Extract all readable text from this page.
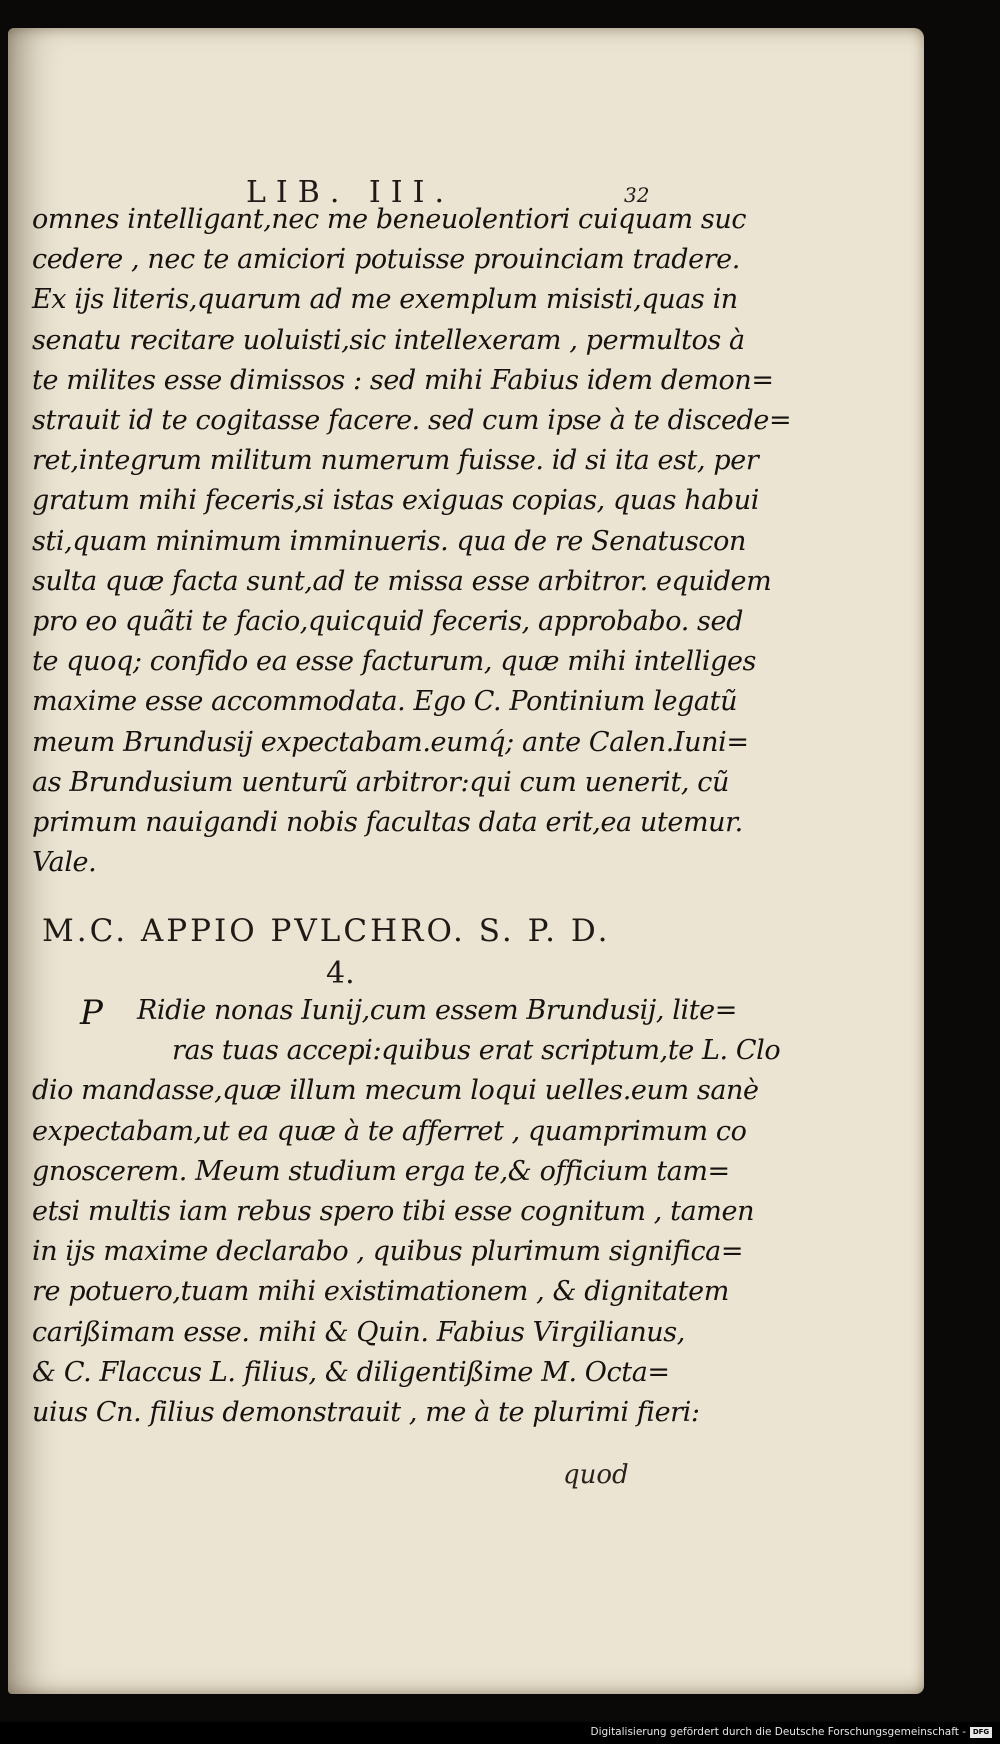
LIB. III.	32
omnes intelligant,nec me beneuolentiori cuiquam suc
cedere , nec te amiciori potuisse prouinciam tradere.
Ex ijs literis,quarum ad me exemplum misisti,quas in
senatu recitare uoluisti,sic intellexeram , permultos à
te milites esse dimissos : sed mihi Fabius idem demon=
strauit id te cogitasse facere. sed cum ipse à te discede=
ret,integrum militum numerum fuisse. id si ita est, per
gratum mihi feceris,si istas exiguas copias, quas habui
sti,quam minimum imminueris. qua de re Senatuscon
sulta quæ facta sunt,ad te missa esse arbitror. equidem
pro eo quãti te facio,quicquid feceris, approbabo. sed
te quoq; confido ea esse facturum, quæ mihi intelliges
maxime esse accommodata. Ego C. Pontinium legatũ
meum Brundusij expectabam.eumq́; ante Calen.Iuni=
as Brundusium uenturũ arbitror:qui cum uenerit, cũ
primum nauigandi nobis facultas data erit,ea utemur.
Vale.
M.C. APPIO PVLCHRO. S. P. D.
4.
P	Ridie nonas Iunij,cum essem Brundusij, lite=
ras tuas accepi:quibus erat scriptum,te L. Clo
dio mandasse,quæ illum mecum loqui uelles.eum sanè
expectabam,ut ea quæ à te afferret , quamprimum co
gnoscerem. Meum studium erga te,& officium tam=
etsi multis iam rebus spero tibi esse cognitum , tamen
in ijs maxime declarabo , quibus plurimum significa=
re potuero,tuam mihi existimationem , & dignitatem
carißimam esse. mihi & Quin. Fabius Virgilianus,
& C. Flaccus L. filius, & diligentißime M. Octa=
uius Cn. filius demonstrauit , me à te plurimi fieri:
quod
Digitalisierung gefördert durch die Deutsche Forschungsgemeinschaft - DFG
